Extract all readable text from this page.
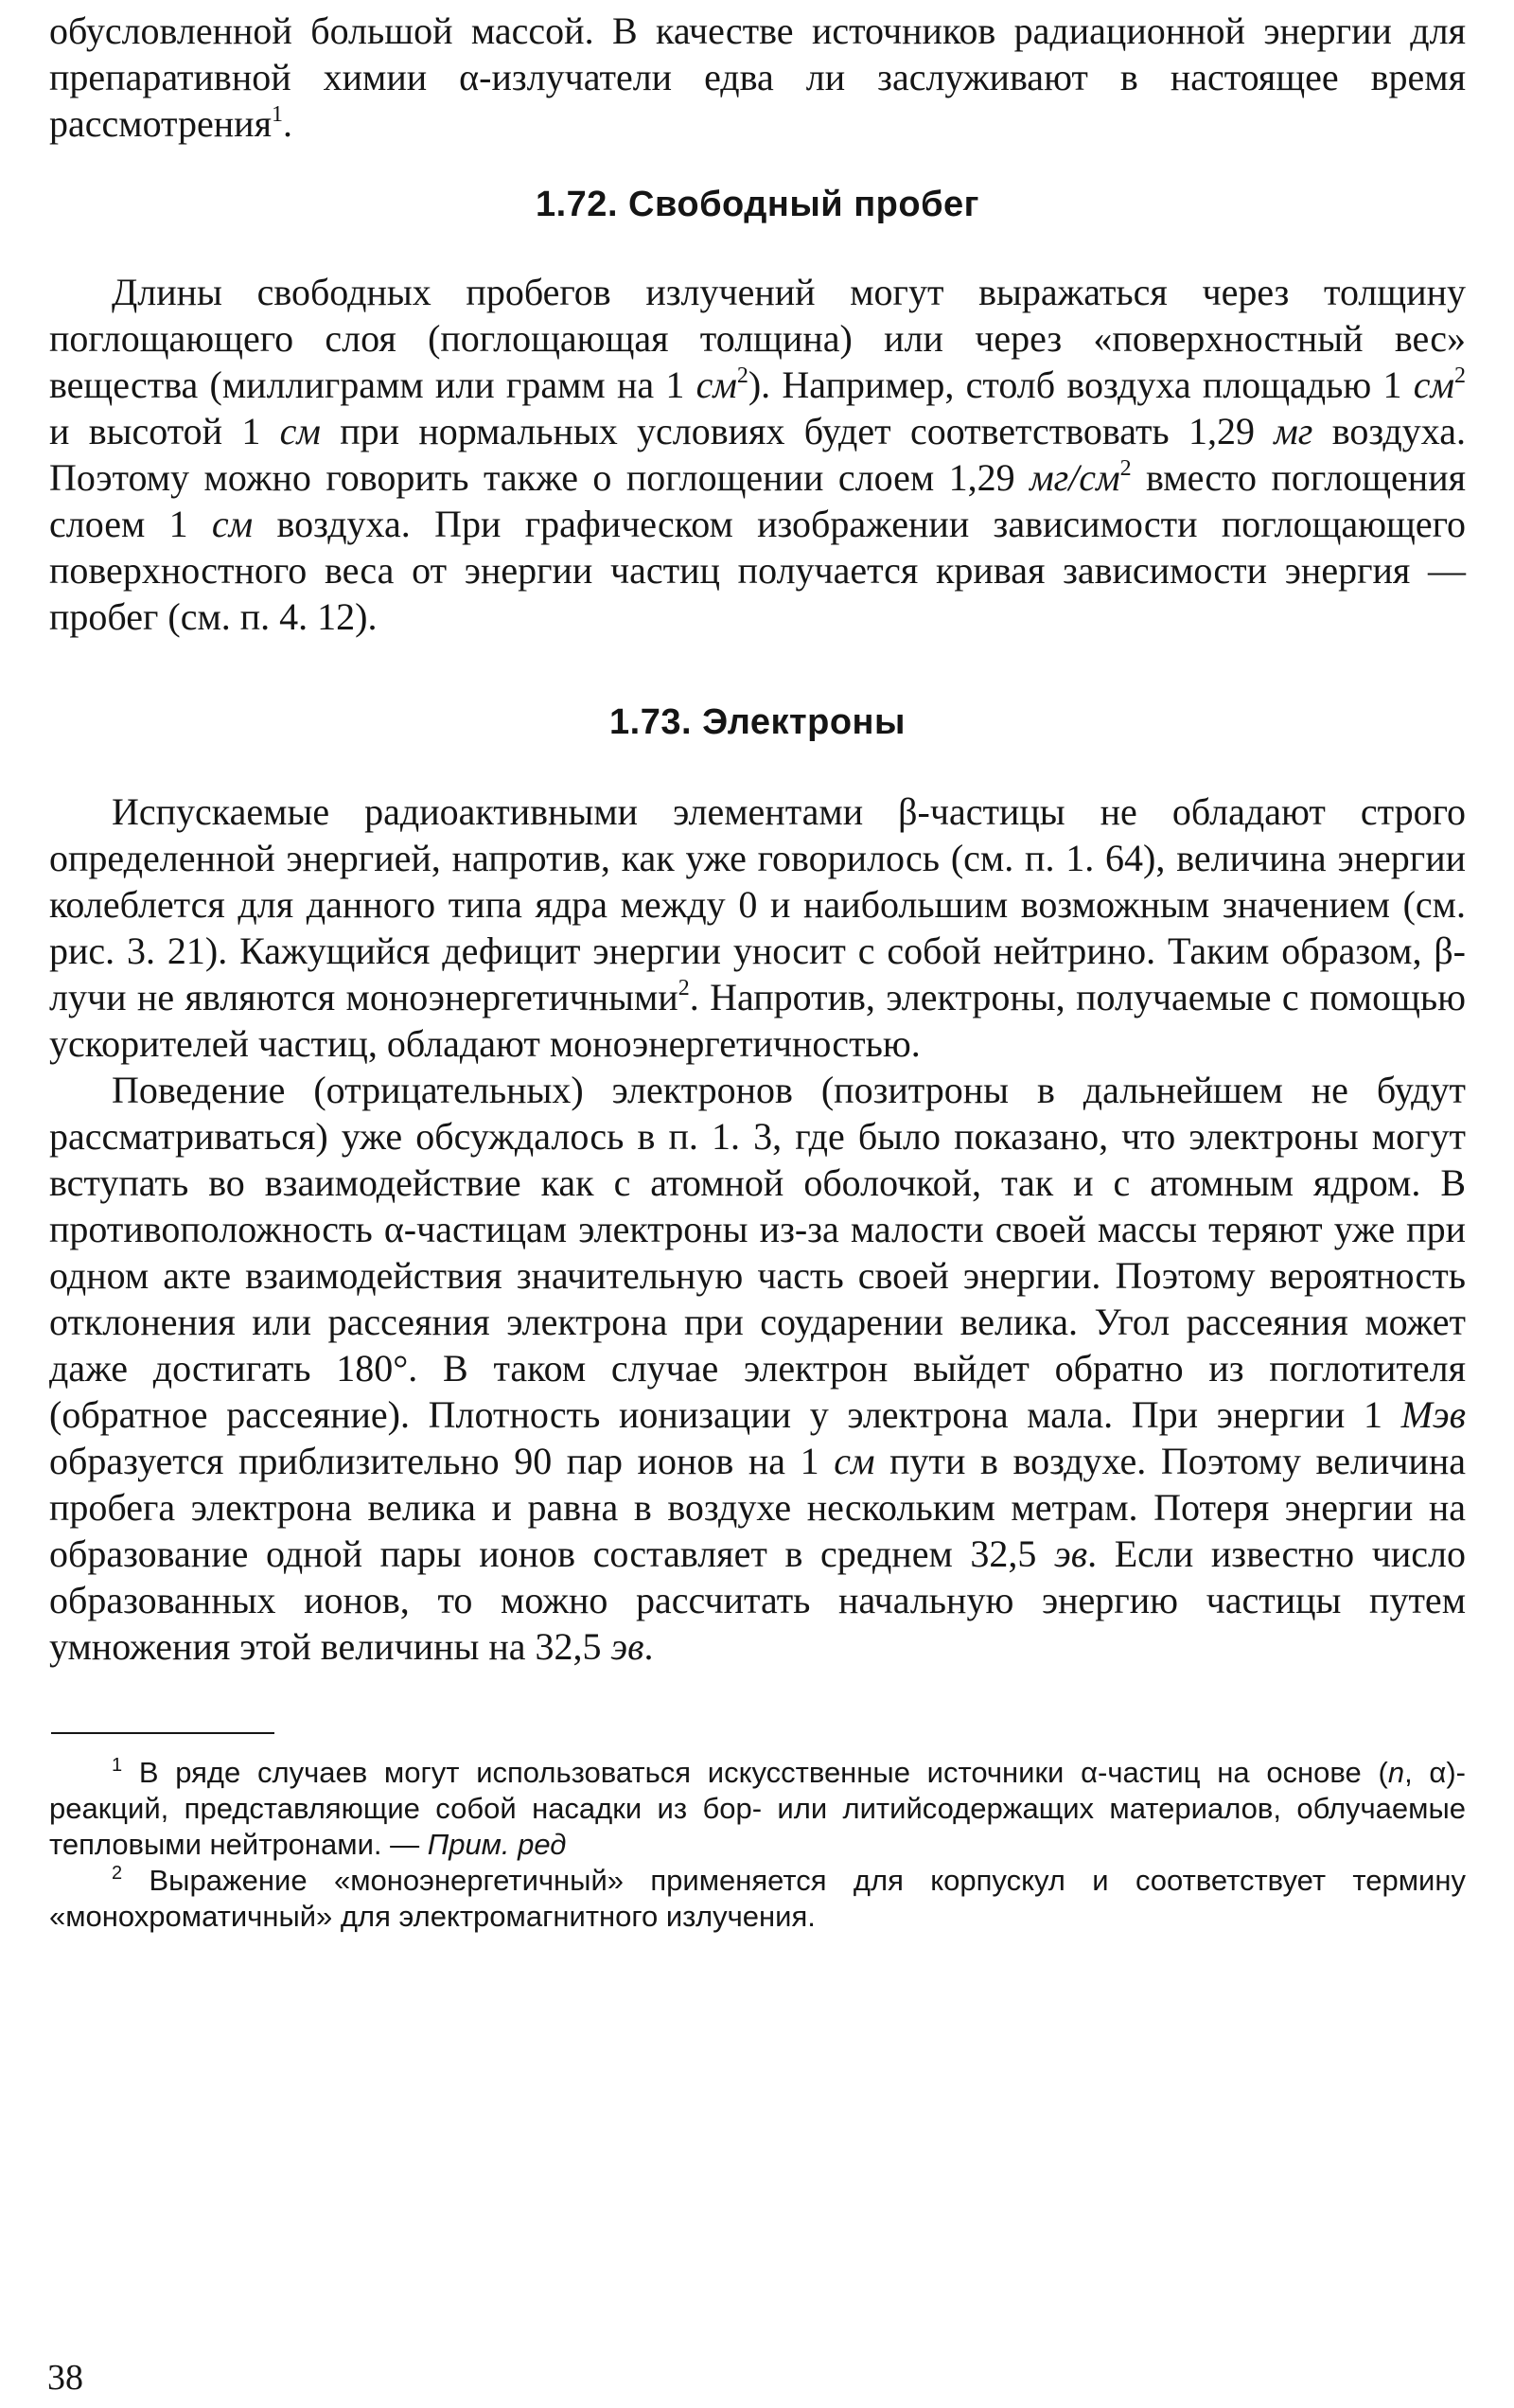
обусловленной большой массой. В качестве источников радиационной энергии для препаративной химии α-излучатели едва ли заслуживают в настоящее время рассмотрения$^1$.

1.72. Свободный пробег

Длины свободных пробегов излучений могут выражаться через толщину поглощающего слоя (поглощающая толщина) или через «поверхностный вес» вещества (миллиграмм или грамм на 1 $см^2$). Например, столб воздуха площадью 1 $см^2$ и высотой 1 см при нормальных условиях будет соответствовать 1,29 мг воздуха. Поэтому можно говорить также о поглощении слоем 1,29 $мг/см^2$ вместо поглощения слоем 1 см воздуха. При графическом изображении зависимости поглощающего поверхностного веса от энергии частиц получается кривая зависимости энергия — пробег (см. п. 4. 12).

1.73. Электроны

Испускаемые радиоактивными элементами β-частицы не обладают строго определенной энергией, напротив, как уже говорилось (см. п. 1. 64), величина энергии колеблется для данного типа ядра между 0 и наибольшим возможным значением (см. рис. 3. 21). Кажущийся дефицит энергии уносит с собой нейтрино. Таким образом, β-лучи не являются моноэнергетичными$^2$. Напротив, электроны, получаемые с помощью ускорителей частиц, обладают моноэнергетичностью.

Поведение (отрицательных) электронов (позитроны в дальнейшем не будут рассматриваться) уже обсуждалось в п. 1. 3, где было показано, что электроны могут вступать во взаимодействие как с атомной оболочкой, так и с атомным ядром. В противоположность α-частицам электроны из-за малости своей массы теряют уже при одном акте взаимодействия значительную часть своей энергии. Поэтому вероятность отклонения или рассеяния электрона при соударении велика. Угол рассеяния может даже достигать 180°. В таком случае электрон выйдет обратно из поглотителя (обратное рассеяние). Плотность ионизации у электрона мала. При энергии 1 Мэв образуется приблизительно 90 пар ионов на 1 см пути в воздухе. Поэтому величина пробега электрона велика и равна в воздухе нескольким метрам. Потеря энергии на образование одной пары ионов составляет в среднем 32,5 эв. Если известно число образованных ионов, то можно рассчитать начальную энергию частицы путем умножения этой величины на 32,5 эв.

$^1$ В ряде случаев могут использоваться искусственные источники α-частиц на основе (n, α)-реакций, представляющие собой насадки из бор- или литийсодержащих материалов, облучаемые тепловыми нейтронами. — Прим. ред
$^2$ Выражение «моноэнергетичный» применяется для корпускул и соответствует термину «монохроматичный» для электромагнитного излучения.
38
